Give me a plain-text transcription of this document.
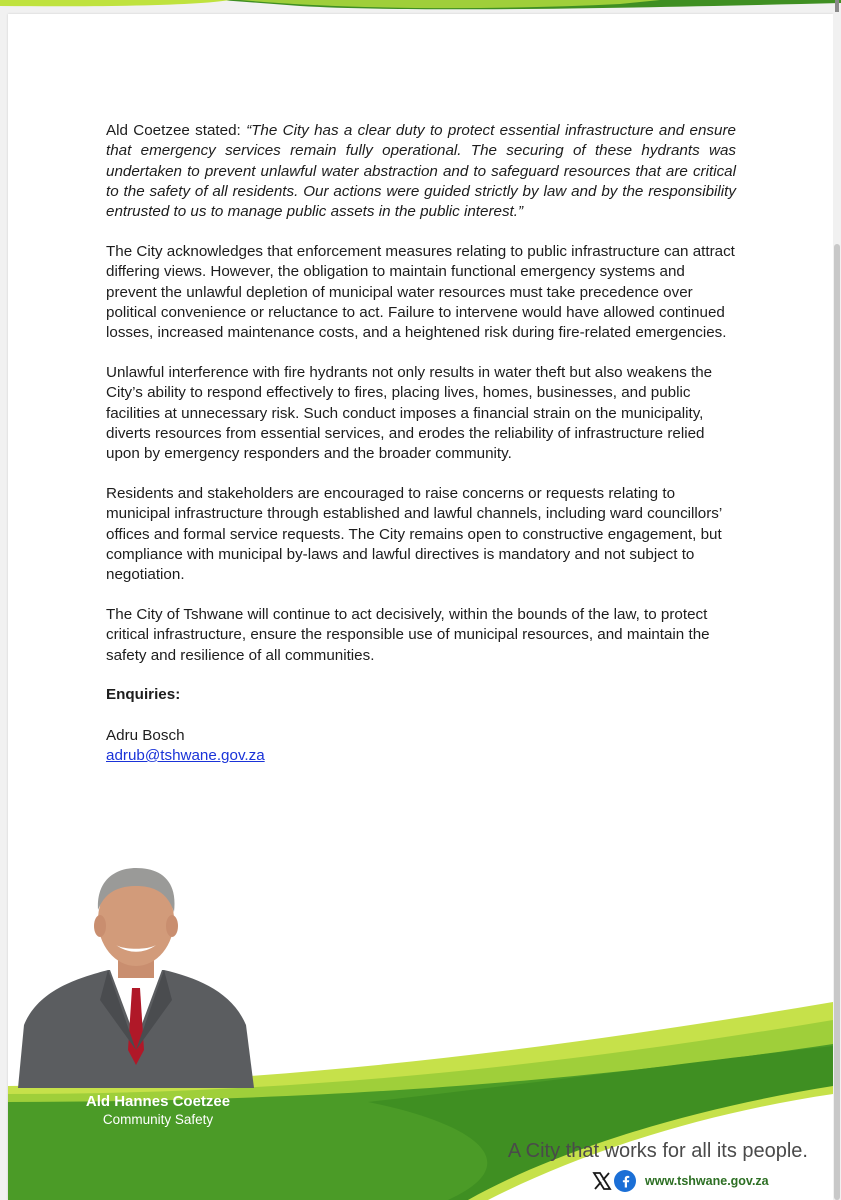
Ald Coetzee stated: “The City has a clear duty to protect essential infrastructure and ensure that emergency services remain fully operational. The securing of these hydrants was undertaken to prevent unlawful water abstraction and to safeguard resources that are critical to the safety of all residents. Our actions were guided strictly by law and by the responsibility entrusted to us to manage public assets in the public interest.”

The City acknowledges that enforcement measures relating to public infrastructure can attract differing views. However, the obligation to maintain functional emergency systems and prevent the unlawful depletion of municipal water resources must take precedence over political convenience or reluctance to act. Failure to intervene would have allowed continued losses, increased maintenance costs, and a heightened risk during fire-related emergencies.

Unlawful interference with fire hydrants not only results in water theft but also weakens the City’s ability to respond effectively to fires, placing lives, homes, businesses, and public facilities at unnecessary risk. Such conduct imposes a financial strain on the municipality, diverts resources from essential services, and erodes the reliability of infrastructure relied upon by emergency responders and the broader community.

Residents and stakeholders are encouraged to raise concerns or requests relating to municipal infrastructure through established and lawful channels, including ward councillors’ offices and formal service requests. The City remains open to constructive engagement, but compliance with municipal by-laws and lawful directives is mandatory and not subject to negotiation.

The City of Tshwane will continue to act decisively, within the bounds of the law, to protect critical infrastructure, ensure the responsible use of municipal resources, and maintain the safety and resilience of all communities.

Enquiries:

Adru Bosch

adrub@tshwane.gov.za

Ald Hannes Coetzee
Community Safety
A City that works for all its people.
www.tshwane.gov.za
